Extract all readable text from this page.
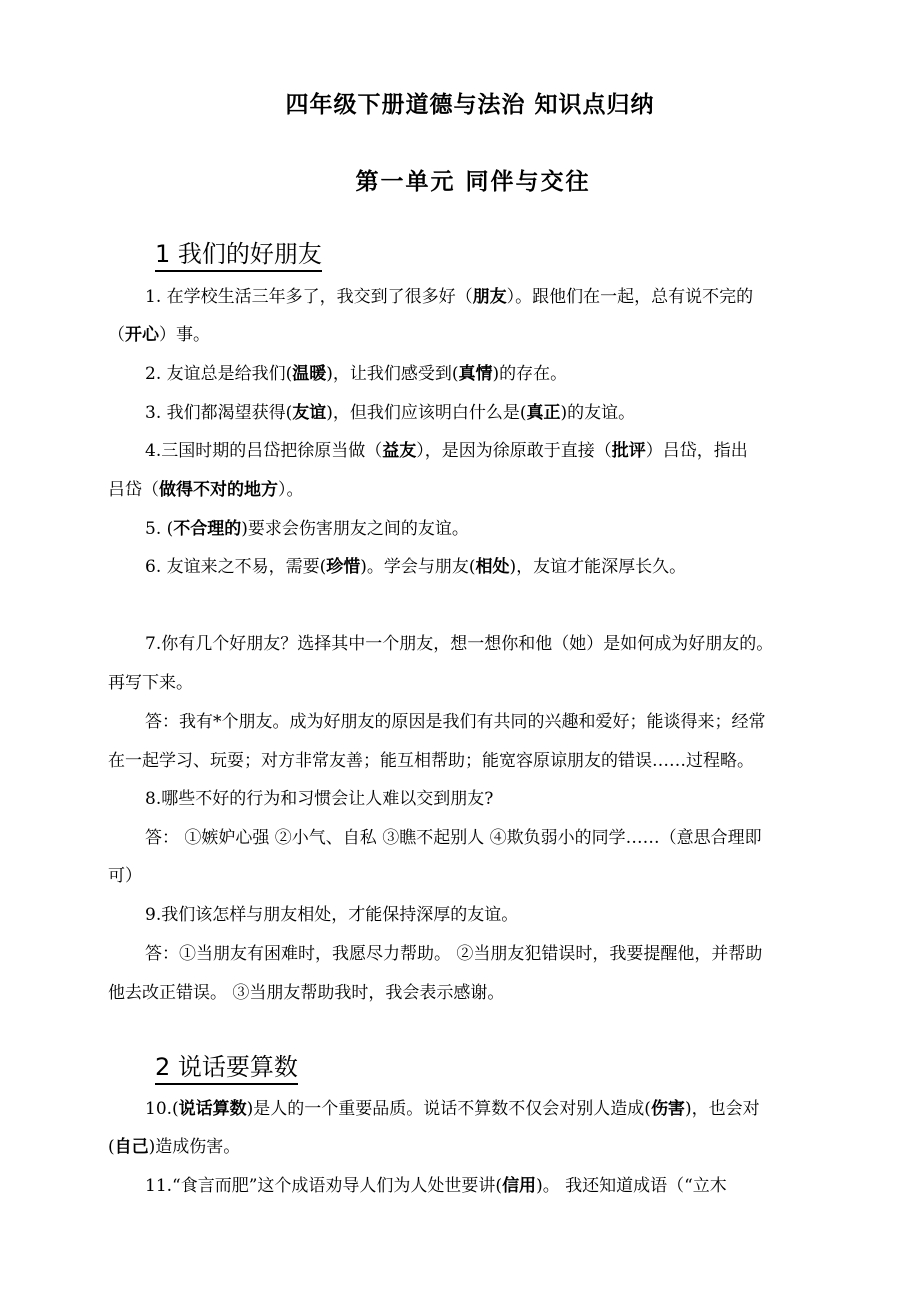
四年级下册道德与法治 知识点归纳
第一单元 同伴与交往
1 我们的好朋友
1. 在学校生活三年多了，我交到了很多好（朋友）。跟他们在一起，总有说不完的
（开心）事。
2. 友谊总是给我们(温暖)，让我们感受到(真情)的存在。
3. 我们都渴望获得(友谊)，但我们应该明白什么是(真正)的友谊。
4.三国时期的吕岱把徐原当做（益友），是因为徐原敢于直接（批评）吕岱，指出
吕岱（做得不对的地方）。
5. (不合理的)要求会伤害朋友之间的友谊。
6. 友谊来之不易，需要(珍惜)。学会与朋友(相处)，友谊才能深厚长久。
7.你有几个好朋友？选择其中一个朋友，想一想你和他（她）是如何成为好朋友的。
再写下来。
答：我有*个朋友。成为好朋友的原因是我们有共同的兴趣和爱好；能谈得来；经常
在一起学习、玩耍；对方非常友善；能互相帮助；能宽容原谅朋友的错误……过程略。
8.哪些不好的行为和习惯会让人难以交到朋友?
答： ①嫉妒心强 ②小气、自私 ③瞧不起别人 ④欺负弱小的同学……（意思合理即
可）
9.我们该怎样与朋友相处，才能保持深厚的友谊。
答：①当朋友有困难时，我愿尽力帮助。 ②当朋友犯错误时，我要提醒他，并帮助
他去改正错误。 ③当朋友帮助我时，我会表示感谢。
2 说话要算数
10.(说话算数)是人的一个重要品质。说话不算数不仅会对别人造成(伤害)，也会对
(自己)造成伤害。
11.“食言而肥”这个成语劝导人们为人处世要讲(信用)。 我还知道成语（“立木
